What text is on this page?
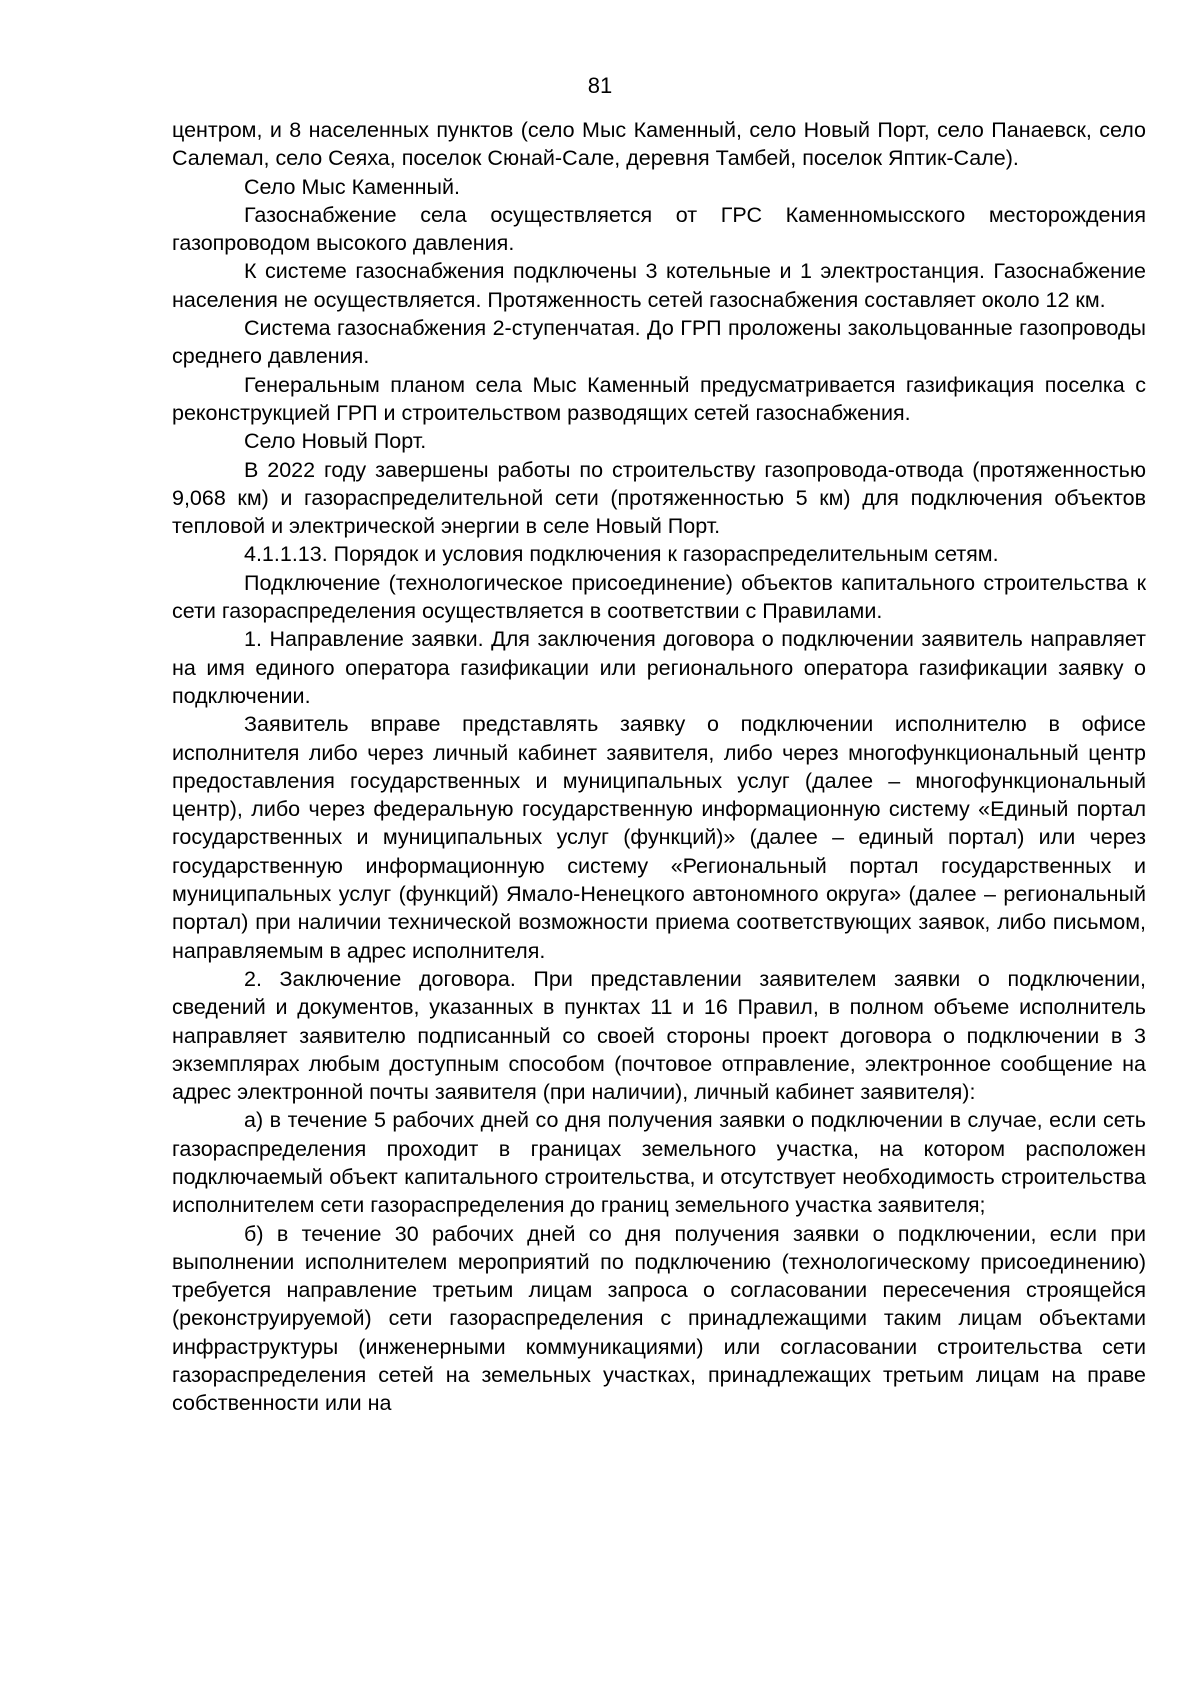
81

центром, и 8 населенных пунктов (село Мыс Каменный, село Новый Порт, село Панаевск, село Салемал, село Сеяха, поселок Сюнай-Сале, деревня Тамбей, поселок Яптик-Сале).

Село Мыс Каменный.

Газоснабжение села осуществляется от ГРС Каменномысского месторождения газопроводом высокого давления.

К системе газоснабжения подключены 3 котельные и 1 электростанция. Газоснабжение населения не осуществляется. Протяженность сетей газоснабжения составляет около 12 км.

Система газоснабжения 2-ступенчатая. До ГРП проложены закольцованные газопроводы среднего давления.

Генеральным планом села Мыс Каменный предусматривается газификация поселка с реконструкцией ГРП и строительством разводящих сетей газоснабжения.

Село Новый Порт.

В 2022 году завершены работы по строительству газопровода-отвода (протяженностью 9,068 км) и газораспределительной сети (протяженностью 5 км) для подключения объектов тепловой и электрической энергии в селе Новый Порт.

4.1.1.13. Порядок и условия подключения к газораспределительным сетям.

Подключение (технологическое присоединение) объектов капитального строительства к сети газораспределения осуществляется в соответствии с Правилами.

1. Направление заявки. Для заключения договора о подключении заявитель направляет на имя единого оператора газификации или регионального оператора газификации заявку о подключении.

Заявитель вправе представлять заявку о подключении исполнителю в офисе исполнителя либо через личный кабинет заявителя, либо через многофункциональный центр предоставления государственных и муниципальных услуг (далее – многофункциональный центр), либо через федеральную государственную информационную систему «Единый портал государственных и муниципальных услуг (функций)» (далее – единый портал) или через государственную информационную систему «Региональный портал государственных и муниципальных услуг (функций) Ямало-Ненецкого автономного округа» (далее – региональный портал) при наличии технической возможности приема соответствующих заявок, либо письмом, направляемым в адрес исполнителя.

2. Заключение договора. При представлении заявителем заявки о подключении, сведений и документов, указанных в пунктах 11 и 16 Правил, в полном объеме исполнитель направляет заявителю подписанный со своей стороны проект договора о подключении в 3 экземплярах любым доступным способом (почтовое отправление, электронное сообщение на адрес электронной почты заявителя (при наличии), личный кабинет заявителя):

а) в течение 5 рабочих дней со дня получения заявки о подключении в случае, если сеть газораспределения проходит в границах земельного участка, на котором расположен подключаемый объект капитального строительства, и отсутствует необходимость строительства исполнителем сети газораспределения до границ земельного участка заявителя;

б) в течение 30 рабочих дней со дня получения заявки о подключении, если при выполнении исполнителем мероприятий по подключению (технологическому присоединению) требуется направление третьим лицам запроса о согласовании пересечения строящейся (реконструируемой) сети газораспределения с принадлежащими таким лицам объектами инфраструктуры (инженерными коммуникациями) или согласовании строительства сети газораспределения сетей на земельных участках, принадлежащих третьим лицам на праве собственности или на
